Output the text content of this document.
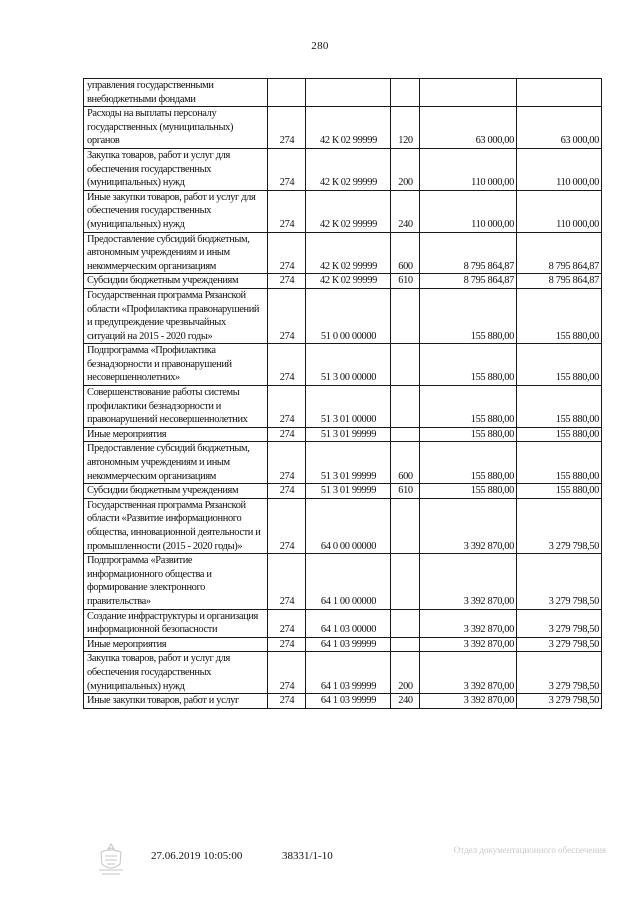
280
управления государственными внебюджетными фондами					
Расходы на выплаты персоналу государственных (муниципальных) органов	274	42 К 02 99999	120	63 000,00	63 000,00
Закупка товаров, работ и услуг для обеспечения государственных (муниципальных) нужд	274	42 К 02 99999	200	110 000,00	110 000,00
Иные закупки товаров, работ и услуг для обеспечения государственных (муниципальных) нужд	274	42 К 02 99999	240	110 000,00	110 000,00
Предоставление субсидий бюджетным, автономным учреждениям и иным некоммерческим организациям	274	42 К 02 99999	600	8 795 864,87	8 795 864,87
Субсидии бюджетным учреждениям	274	42 К 02 99999	610	8 795 864,87	8 795 864,87
Государственная программа Рязанской области «Профилактика правонарушений и предупреждение чрезвычайных ситуаций на 2015 - 2020 годы»	274	51 0 00 00000		155 880,00	155 880,00
Подпрограмма «Профилактика безнадзорности и правонарушений несовершеннолетних»	274	51 3 00 00000		155 880,00	155 880,00
Совершенствование работы системы профилактики безнадзорности и правонарушений несовершеннолетних	274	51 3 01 00000		155 880,00	155 880,00
Иные мероприятия	274	51 3 01 99999		155 880,00	155 880,00
Предоставление субсидий бюджетным, автономным учреждениям и иным некоммерческим организациям	274	51 3 01 99999	600	155 880,00	155 880,00
Субсидии бюджетным учреждениям	274	51 3 01 99999	610	155 880,00	155 880,00
Государственная программа Рязанской области «Развитие информационного общества, инновационной деятельности и промышленности (2015 - 2020 годы)»	274	64 0 00 00000		3 392 870,00	3 279 798,50
Подпрограмма «Развитие информационного общества и формирование электронного правительства»	274	64 1 00 00000		3 392 870,00	3 279 798,50
Создание инфраструктуры и организация информационной безопасности	274	64 1 03 00000		3 392 870,00	3 279 798,50
Иные мероприятия	274	64 1 03 99999		3 392 870,00	3 279 798,50
Закупка товаров, работ и услуг для обеспечения государственных (муниципальных) нужд	274	64 1 03 99999	200	3 392 870,00	3 279 798,50
Иные закупки товаров, работ и услуг	274	64 1 03 99999	240	3 392 870,00	3 279 798,50
27.06.2019 10:05:00	38331/1-10	Отдел документационного обеспечения
